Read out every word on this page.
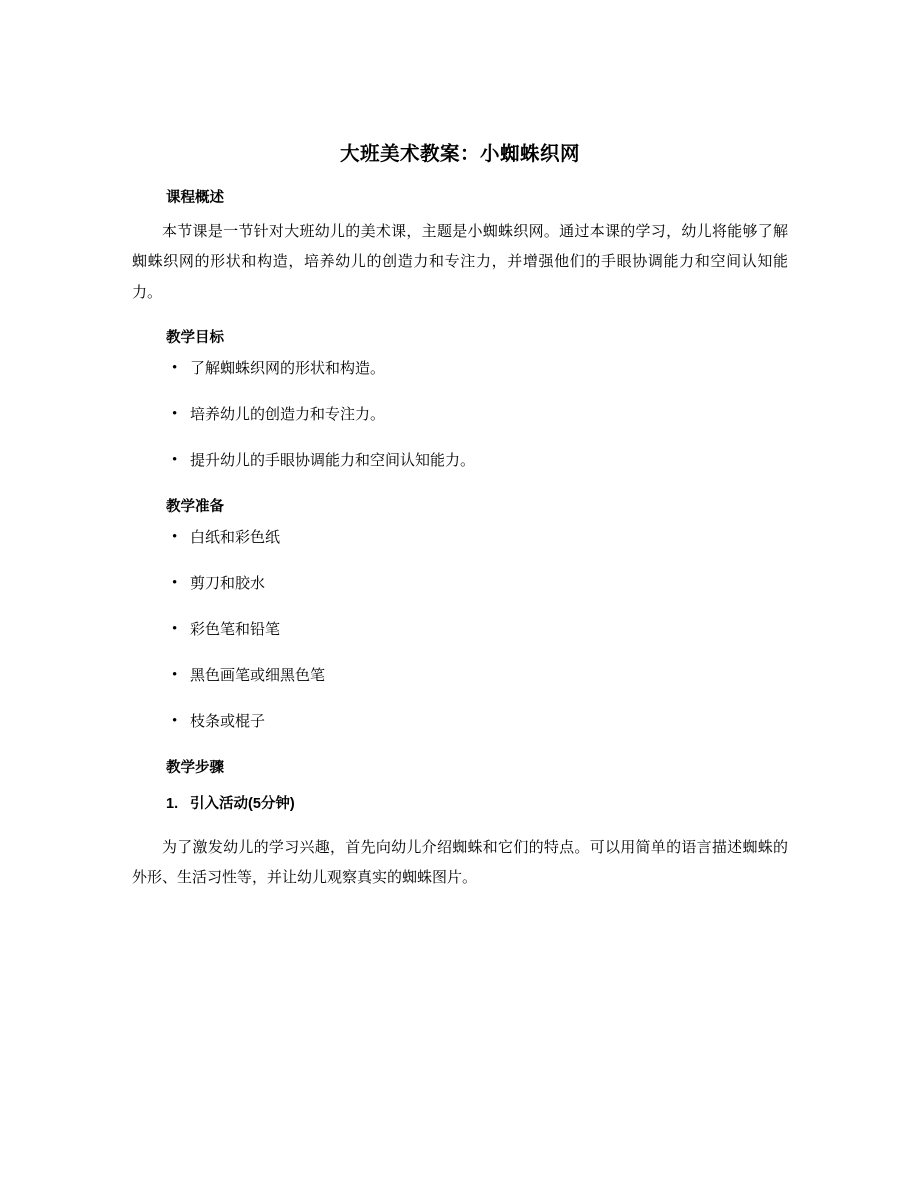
大班美术教案：小蜘蛛织网
课程概述

本节课是一节针对大班幼儿的美术课，主题是小蜘蛛织网。通过本课的学习，幼儿将能够了解蜘蛛织网的形状和构造，培养幼儿的创造力和专注力，并增强他们的手眼协调能力和空间认知能力。

教学目标
• 了解蜘蛛织网的形状和构造。
• 培养幼儿的创造力和专注力。
• 提升幼儿的手眼协调能力和空间认知能力。
教学准备
• 白纸和彩色纸
• 剪刀和胶水
• 彩色笔和铅笔
• 黑色画笔或细黑色笔
• 枝条或棍子
教学步骤
1. 引入活动(5分钟)

为了激发幼儿的学习兴趣，首先向幼儿介绍蜘蛛和它们的特点。可以用简单的语言描述蜘蛛的外形、生活习性等，并让幼儿观察真实的蜘蛛图片。
